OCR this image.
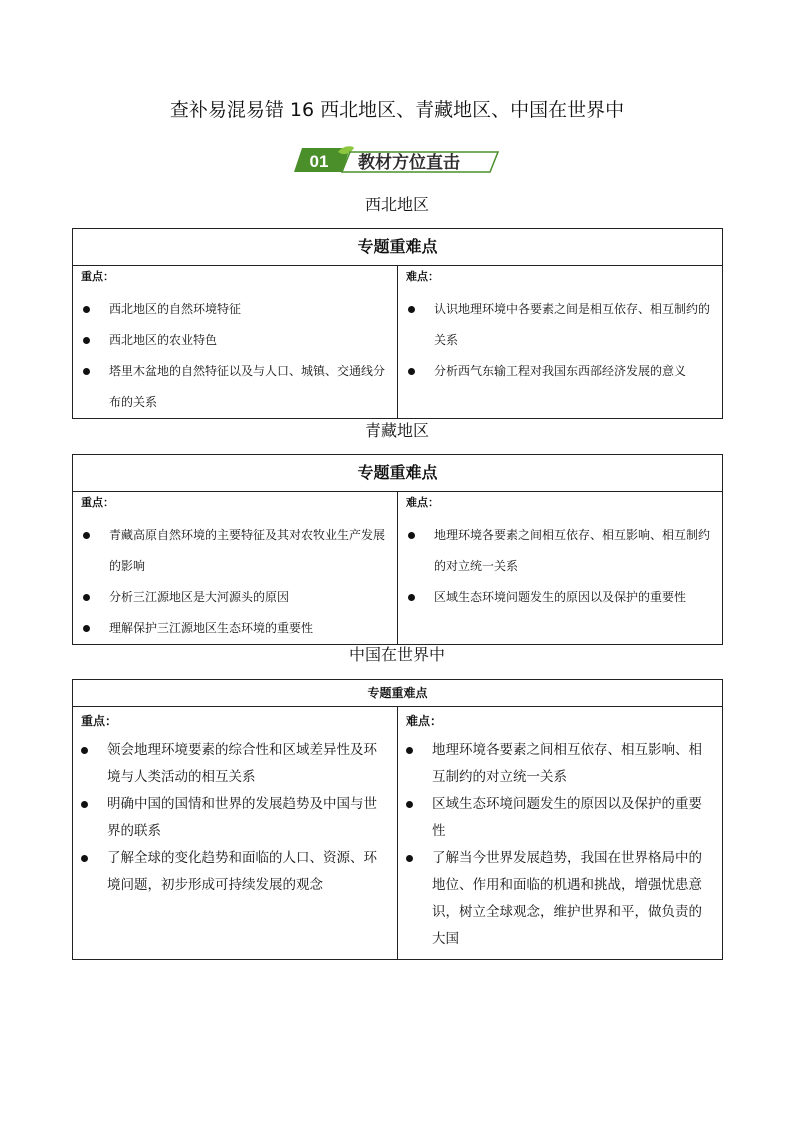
查补易混易错 16 西北地区、青藏地区、中国在世界中
01 教材方位直击
西北地区
专题重难点

重点：
西北地区的自然环境特征
西北地区的农业特色
塔里木盆地的自然特征以及与人口、城镇、交通线分布的关系

难点：
认识地理环境中各要素之间是相互依存、相互制约的关系
分析西气东输工程对我国东西部经济发展的意义
青藏地区
专题重难点

重点：
青藏高原自然环境的主要特征及其对农牧业生产发展的影响
分析三江源地区是大河源头的原因
理解保护三江源地区生态环境的重要性

难点：
地理环境各要素之间相互依存、相互影响、相互制约的对立统一关系
区域生态环境问题发生的原因以及保护的重要性
中国在世界中
专题重难点

重点：
领会地理环境要素的综合性和区域差异性及环境与人类活动的相互关系
明确中国的国情和世界的发展趋势及中国与世界的联系
了解全球的变化趋势和面临的人口、资源、环境问题，初步形成可持续发展的观念

难点：
地理环境各要素之间相互依存、相互影响、相互制约的对立统一关系
区域生态环境问题发生的原因以及保护的重要性
了解当今世界发展趋势，我国在世界格局中的地位、作用和面临的机遇和挑战，增强忧患意识，树立全球观念，维护世界和平，做负责的大国
